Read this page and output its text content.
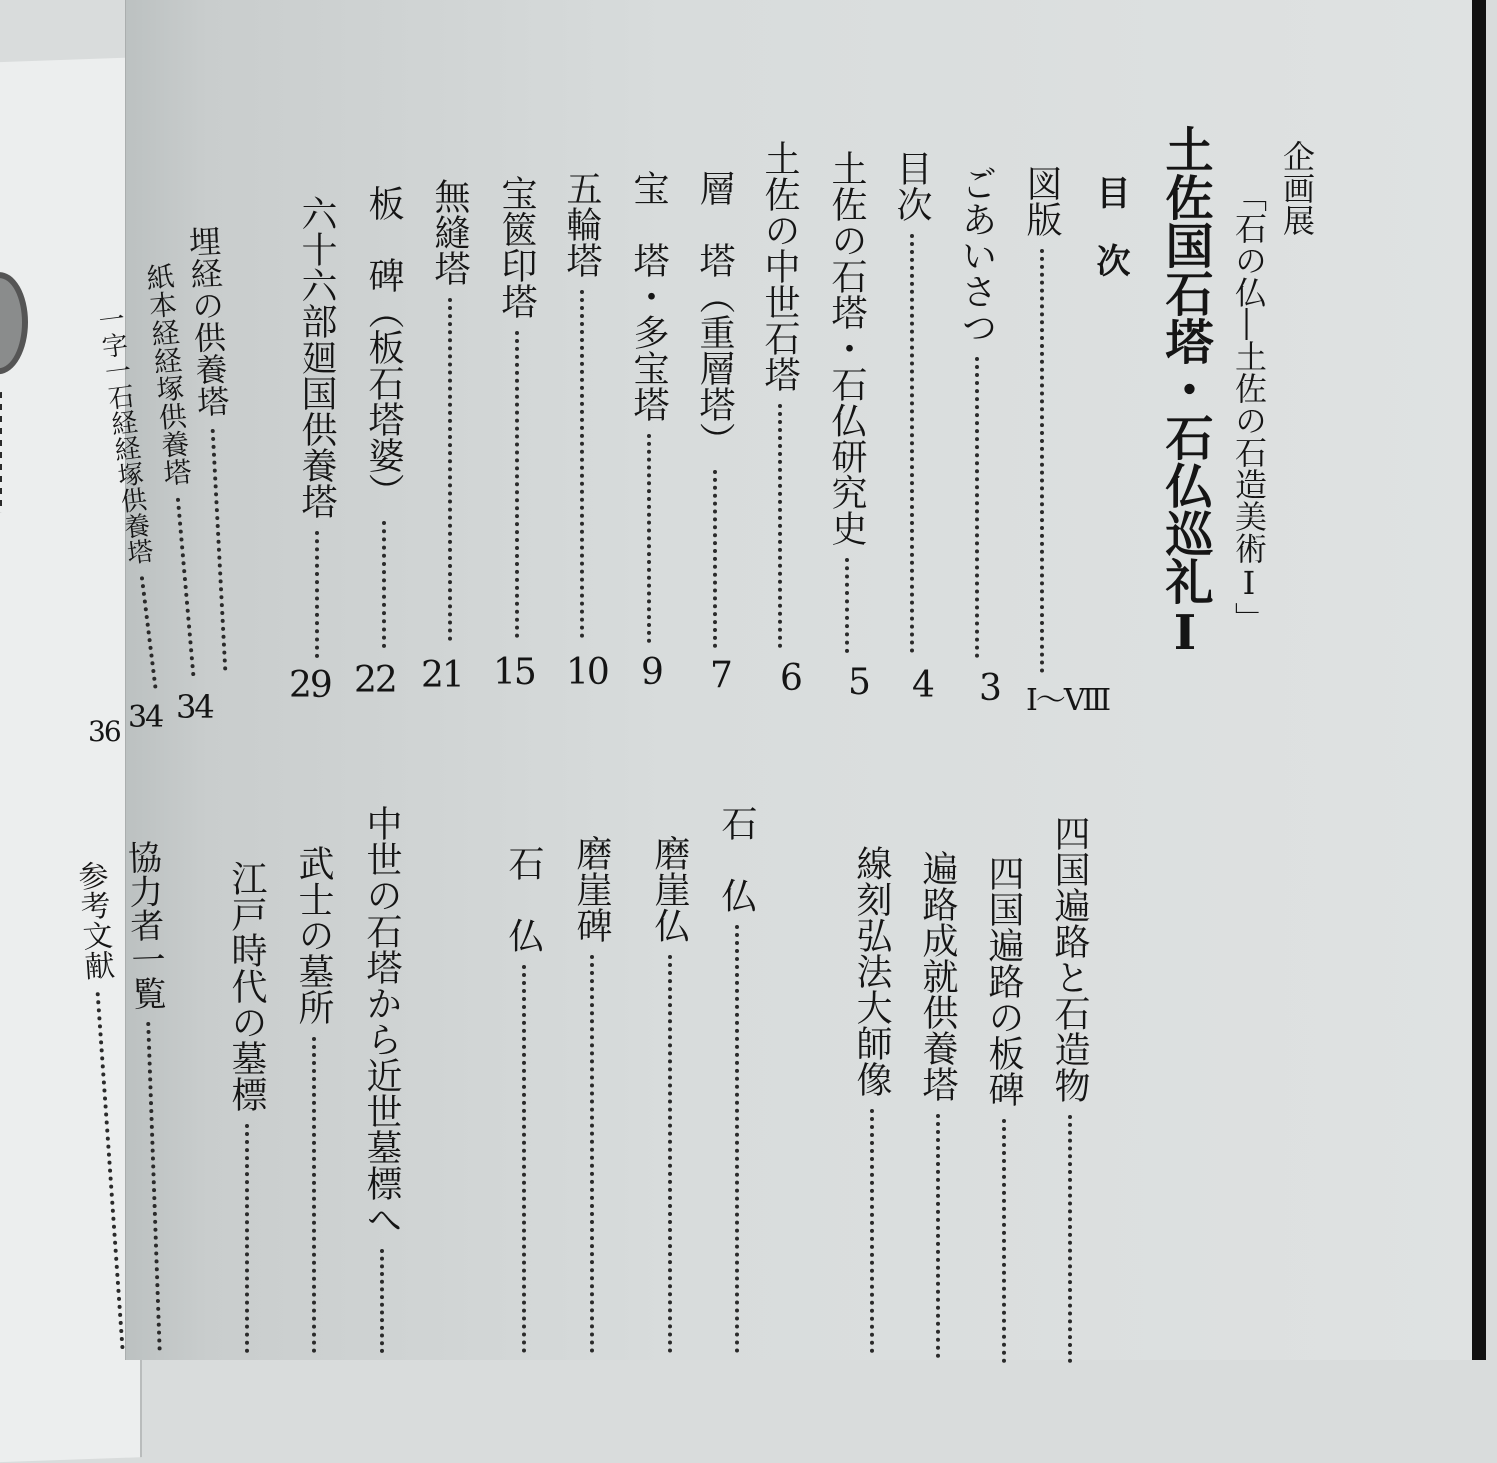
企画展
「石の仏―土佐の石造美術Ⅰ」
土佐国石塔・石仏巡礼Ⅰ
目　次
図版
Ⅰ〜Ⅷ
ごあいさつ
3
目次
4
土佐の石塔・石仏研究史
5
土佐の中世石塔
6
層　塔（重層塔）
7
宝　塔・多宝塔
9
五輪塔
10
宝篋印塔
15
無縫塔
21
板　碑（板石塔婆）
22
六十六部廻国供養塔
29
埋経の供養塔
34
紙本経経塚供養塔
34
一字一石経経塚供養塔
36
四国遍路と石造物
四国遍路の板碑
遍路成就供養塔
線刻弘法大師像
石　仏
磨崖仏
磨崖碑
石　仏
中世の石塔から近世墓標へ
武士の墓所
江戸時代の墓標
協力者一覧
参考文献
